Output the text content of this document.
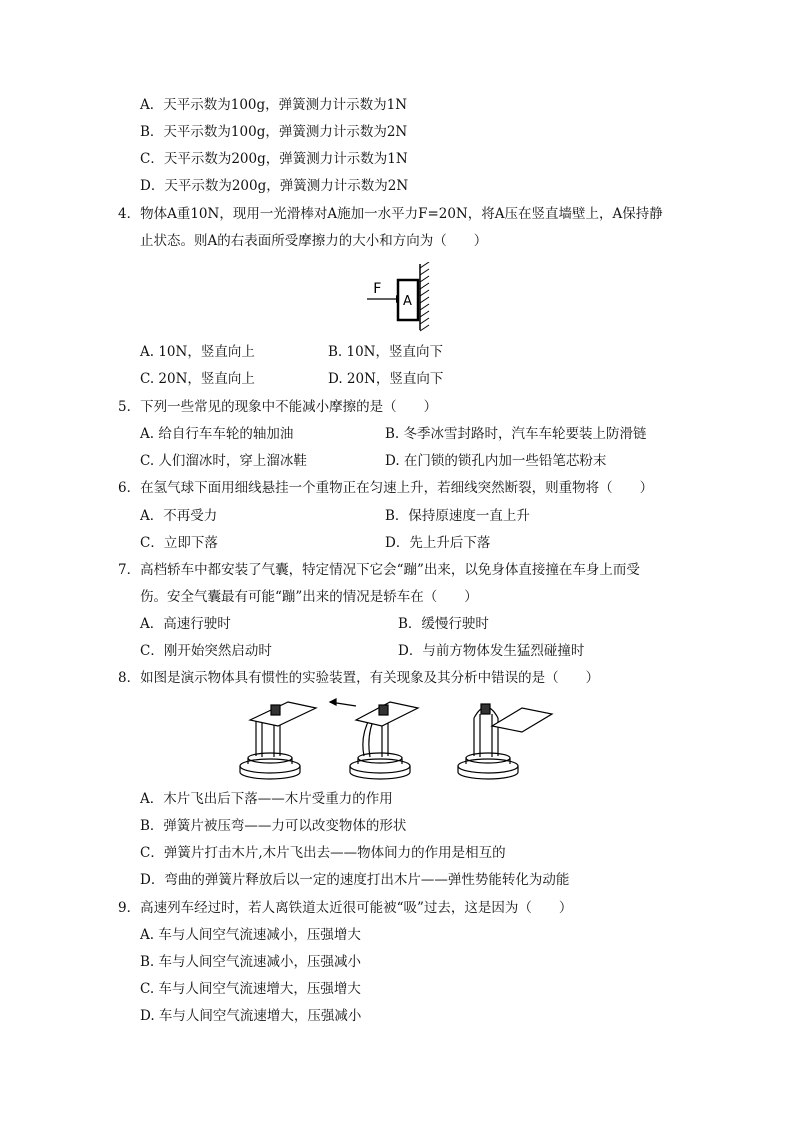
A．天平示数为100g，弹簧测力计示数为1N
B．天平示数为100g，弹簧测力计示数为2N
C．天平示数为200g，弹簧测力计示数为1N
D．天平示数为200g，弹簧测力计示数为2N
4．物体A重10N，现用一光滑棒对A施加一水平力F=20N，将A压在竖直墙壁上，A保持静
止状态。则A的右表面所受摩擦力的大小和方向为（　　）
F
A
A. 10N，竖直向上	B. 10N，竖直向下
C. 20N，竖直向上	D. 20N，竖直向下
5．下列一些常见的现象中不能减小摩擦的是（　　）
A. 给自行车车轮的轴加油	B. 冬季冰雪封路时，汽车车轮要装上防滑链
C. 人们溜冰时，穿上溜冰鞋	D. 在门锁的锁孔内加一些铅笔芯粉末
6．在氢气球下面用细线悬挂一个重物正在匀速上升，若细线突然断裂，则重物将（　　）
A．不再受力	B．保持原速度一直上升
C．立即下落	D．先上升后下落
7．高档轿车中都安装了气囊，特定情况下它会“蹦”出来，以免身体直接撞在车身上而受
伤。安全气囊最有可能“蹦”出来的情况是轿车在（　　）
A．高速行驶时	B．缓慢行驶时
C．刚开始突然启动时	D．与前方物体发生猛烈碰撞时
8．如图是演示物体具有惯性的实验装置，有关现象及其分析中错误的是（　　）
A．木片飞出后下落——木片受重力的作用
B．弹簧片被压弯——力可以改变物体的形状
C．弹簧片打击木片,木片飞出去——物体间力的作用是相互的
D．弯曲的弹簧片释放后以一定的速度打出木片——弹性势能转化为动能
9．高速列车经过时，若人离铁道太近很可能被“吸”过去，这是因为（　　）
A. 车与人间空气流速减小，压强增大
B. 车与人间空气流速减小，压强减小
C. 车与人间空气流速增大，压强增大
D. 车与人间空气流速增大，压强减小
